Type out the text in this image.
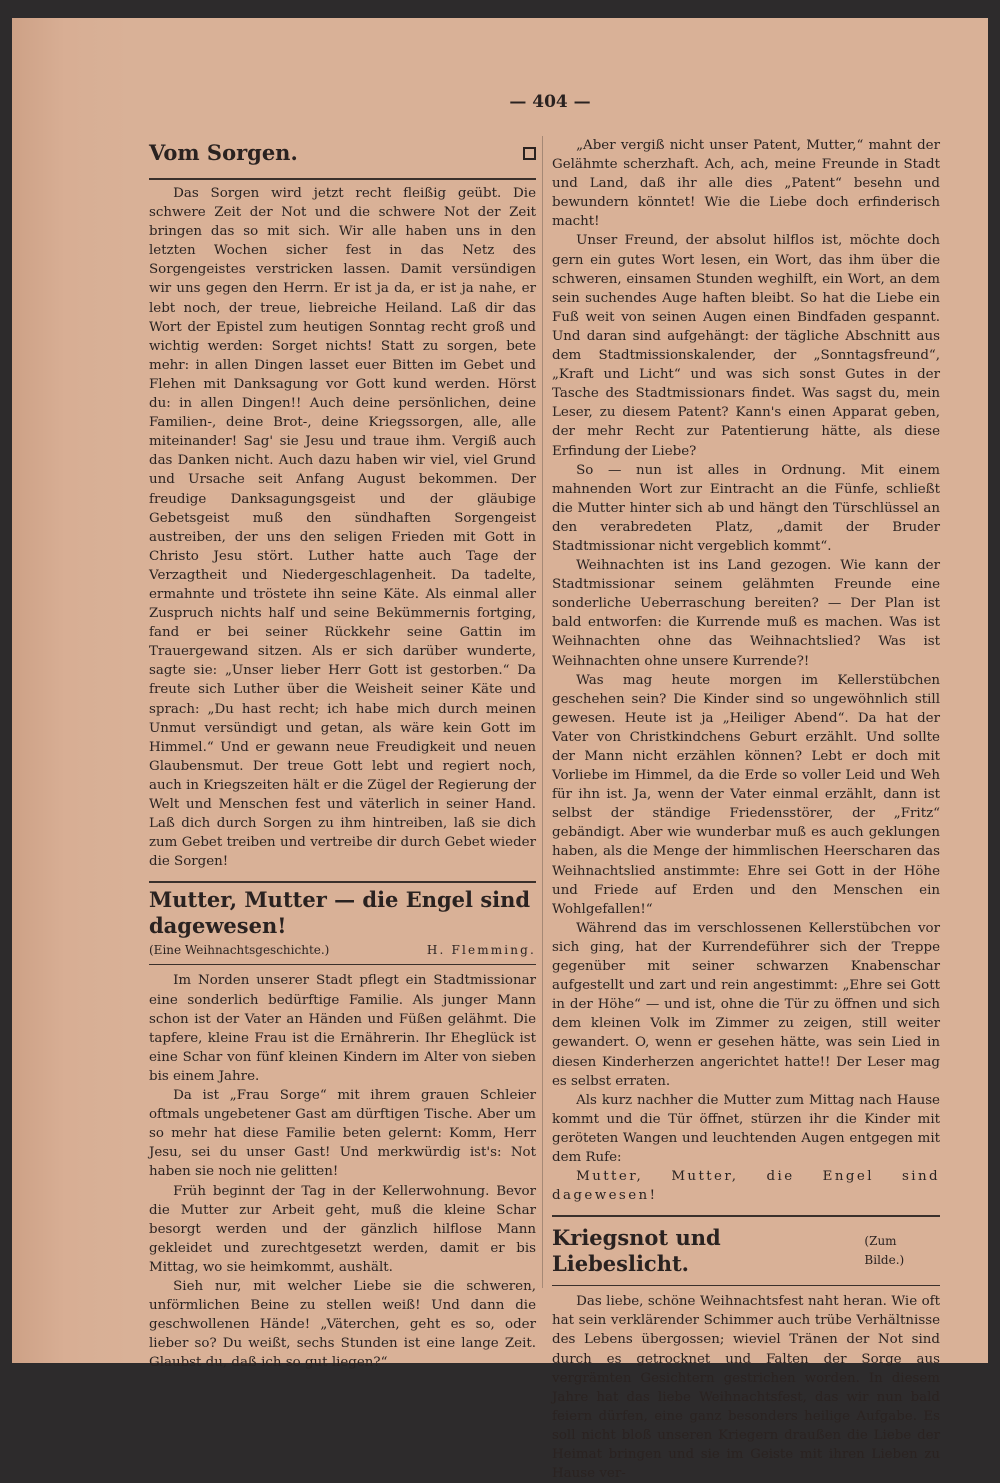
— 404 —
Vom Sorgen.

Das Sorgen wird jetzt recht fleißig geübt. Die schwere Zeit der Not und die schwere Not der Zeit bringen das so mit sich. Wir alle haben uns in den letzten Wochen sicher fest in das Netz des Sorgengeistes verstricken lassen. Damit versündigen wir uns gegen den Herrn. Er ist ja da, er ist ja nahe, er lebt noch, der treue, liebreiche Heiland. Laß dir das Wort der Epistel zum heutigen Sonntag recht groß und wichtig werden: Sorget nichts! Statt zu sorgen, bete mehr: in allen Dingen lasset euer Bitten im Gebet und Flehen mit Danksagung vor Gott kund werden. Hörst du: in allen Dingen!! Auch deine persönlichen, deine Familien-, deine Brot-, deine Kriegssorgen, alle, alle miteinander! Sag' sie Jesu und traue ihm. Vergiß auch das Danken nicht. Auch dazu haben wir viel, viel Grund und Ursache seit Anfang August bekommen. Der freudige Danksagungsgeist und der gläubige Gebetsgeist muß den sündhaften Sorgengeist austreiben, der uns den seligen Frieden mit Gott in Christo Jesu stört. Luther hatte auch Tage der Verzagtheit und Niedergeschlagenheit. Da tadelte, ermahnte und tröstete ihn seine Käte. Als einmal aller Zuspruch nichts half und seine Bekümmernis fortging, fand er bei seiner Rückkehr seine Gattin im Trauergewand sitzen. Als er sich darüber wunderte, sagte sie: „Unser lieber Herr Gott ist gestorben.“ Da freute sich Luther über die Weisheit seiner Käte und sprach: „Du hast recht; ich habe mich durch meinen Unmut versündigt und getan, als wäre kein Gott im Himmel.“ Und er gewann neue Freudigkeit und neuen Glaubensmut. Der treue Gott lebt und regiert noch, auch in Kriegszeiten hält er die Zügel der Regierung der Welt und Menschen fest und väterlich in seiner Hand. Laß dich durch Sorgen zu ihm hintreiben, laß sie dich zum Gebet treiben und vertreibe dir durch Gebet wieder die Sorgen!

Mutter, Mutter — die Engel sind dagewesen!
(Eine Weihnachtsgeschichte.)	H. Flemming.

Im Norden unserer Stadt pflegt ein Stadtmissionar eine sonderlich bedürftige Familie. Als junger Mann schon ist der Vater an Händen und Füßen gelähmt. Die tapfere, kleine Frau ist die Ernährerin. Ihr Eheglück ist eine Schar von fünf kleinen Kindern im Alter von sieben bis einem Jahre.

Da ist „Frau Sorge“ mit ihrem grauen Schleier oftmals ungebetener Gast am dürftigen Tische. Aber um so mehr hat diese Familie beten gelernt: Komm, Herr Jesu, sei du unser Gast! Und merkwürdig ist's: Not haben sie noch nie gelitten!

Früh beginnt der Tag in der Kellerwohnung. Bevor die Mutter zur Arbeit geht, muß die kleine Schar besorgt werden und der gänzlich hilflose Mann gekleidet und zurechtgesetzt werden, damit er bis Mittag, wo sie heimkommt, aushält.

Sieh nur, mit welcher Liebe sie die schweren, unförmlichen Beine zu stellen weiß! Und dann die geschwollenen Hände! „Väterchen, geht es so, oder lieber so? Du weißt, sechs Stunden ist eine lange Zeit. Glaubst du, daß ich so gut liegen?“

„Aber vergiß nicht unser Patent, Mutter,“ mahnt der Gelähmte scherzhaft. Ach, ach, meine Freunde in Stadt und Land, daß ihr alle dies „Patent“ besehn und bewundern könntet! Wie die Liebe doch erfinderisch macht!

Unser Freund, der absolut hilflos ist, möchte doch gern ein gutes Wort lesen, ein Wort, das ihm über die schweren, einsamen Stunden weghilft, ein Wort, an dem sein suchendes Auge haften bleibt. So hat die Liebe ein Fuß weit von seinen Augen einen Bindfaden gespannt. Und daran sind aufgehängt: der tägliche Abschnitt aus dem Stadtmissionskalender, der „Sonntagsfreund“, „Kraft und Licht“ und was sich sonst Gutes in der Tasche des Stadtmissionars findet. Was sagst du, mein Leser, zu diesem Patent? Kann's einen Apparat geben, der mehr Recht zur Patentierung hätte, als diese Erfindung der Liebe?

So — nun ist alles in Ordnung. Mit einem mahnenden Wort zur Eintracht an die Fünfe, schließt die Mutter hinter sich ab und hängt den Türschlüssel an den verabredeten Platz, „damit der Bruder Stadtmissionar nicht vergeblich kommt“.

Weihnachten ist ins Land gezogen. Wie kann der Stadtmissionar seinem gelähmten Freunde eine sonderliche Ueberraschung bereiten? — Der Plan ist bald entworfen: die Kurrende muß es machen. Was ist Weihnachten ohne das Weihnachtslied? Was ist Weihnachten ohne unsere Kurrende?!

Was mag heute morgen im Kellerstübchen geschehen sein? Die Kinder sind so ungewöhnlich still gewesen. Heute ist ja „Heiliger Abend“. Da hat der Vater von Christkindchens Geburt erzählt. Und sollte der Mann nicht erzählen können? Lebt er doch mit Vorliebe im Himmel, da die Erde so voller Leid und Weh für ihn ist. Ja, wenn der Vater einmal erzählt, dann ist selbst der ständige Friedensstörer, der „Fritz“ gebändigt. Aber wie wunderbar muß es auch geklungen haben, als die Menge der himmlischen Heerscharen das Weihnachtslied anstimmte: Ehre sei Gott in der Höhe und Friede auf Erden und den Menschen ein Wohlgefallen!“

Während das im verschlossenen Kellerstübchen vor sich ging, hat der Kurrendeführer sich der Treppe gegenüber mit seiner schwarzen Knabenschar aufgestellt und zart und rein angestimmt: „Ehre sei Gott in der Höhe“ — und ist, ohne die Tür zu öffnen und sich dem kleinen Volk im Zimmer zu zeigen, still weiter gewandert. O, wenn er gesehen hätte, was sein Lied in diesen Kinderherzen angerichtet hatte!! Der Leser mag es selbst erraten.

Als kurz nachher die Mutter zum Mittag nach Hause kommt und die Tür öffnet, stürzen ihr die Kinder mit geröteten Wangen und leuchtenden Augen entgegen mit dem Rufe:

Mutter, Mutter, die Engel sind dagewesen!

Kriegsnot und Liebeslicht.
(Zum Bilde.)

Das liebe, schöne Weihnachtsfest naht heran. Wie oft hat sein verklärender Schimmer auch trübe Verhältnisse des Lebens übergossen; wieviel Tränen der Not sind durch es getrocknet und Falten der Sorge aus vergrämten Gesichtern gestrichen worden. In diesem Jahre hat das liebe Weihnachtsfest, das wir nun bald feiern dürfen, eine ganz besonders heilige Aufgabe. Es soll nicht bloß unseren Kriegern draußen die Liebe der Heimat bringen und sie im Geiste mit ihren Lieben zu Hause ver-
